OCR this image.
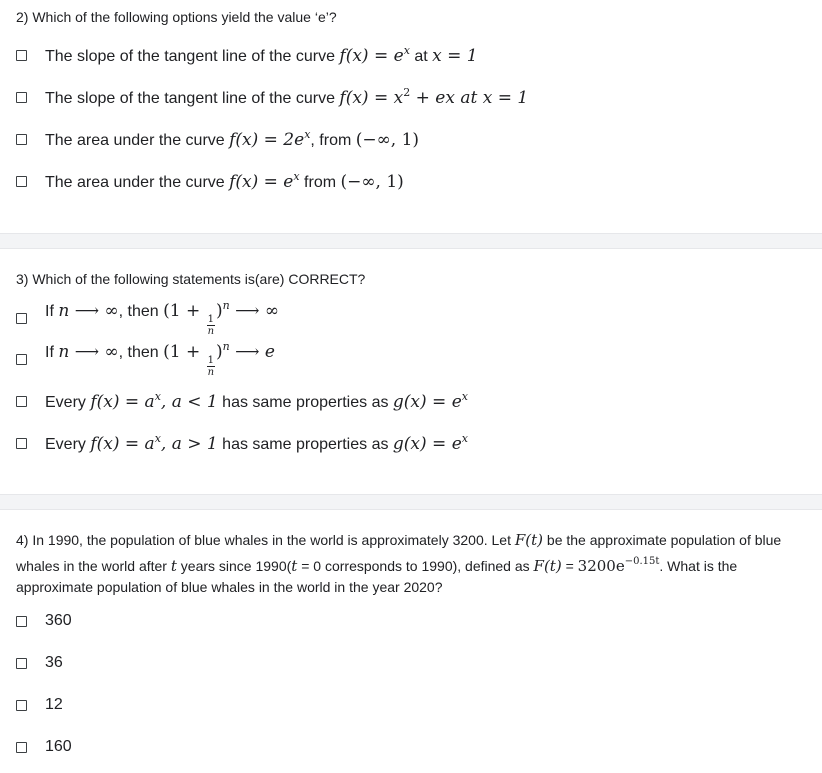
2) Which of the following options yield the value ‘e’?
The slope of the tangent line of the curve $f(x) = e^x$ at x = 1
The slope of the tangent line of the curve $f(x) = x^2$ + ex at x = 1
The area under the curve $f(x) = 2e^x$, from (−∞, 1)
The area under the curve $f(x) = e^x$ from (−∞, 1)
3) Which of the following statements is(are) CORRECT?
If n ⟶ ∞, then (1 +
$\frac{1}{n}$
)$^n$ ⟶ ∞
If n ⟶ ∞, then (1 +
$\frac{1}{n}$
)$^n$ ⟶ e
Every $f(x) = a^x$, a < 1 has same properties as $g(x) = e^x$
Every $f(x) = a^x$, a > 1 has same properties as $g(x) = e^x$
4) In 1990, the population of blue whales in the world is approximately 3200. Let F(t) be the approximate population of blue whales in the world after t years since 1990(t = 0 corresponds to 1990), defined as $F(t) = 3200e^{-0.15t}$. What is the approximate population of blue whales in the world in the year 2020?
360
36
12
160
